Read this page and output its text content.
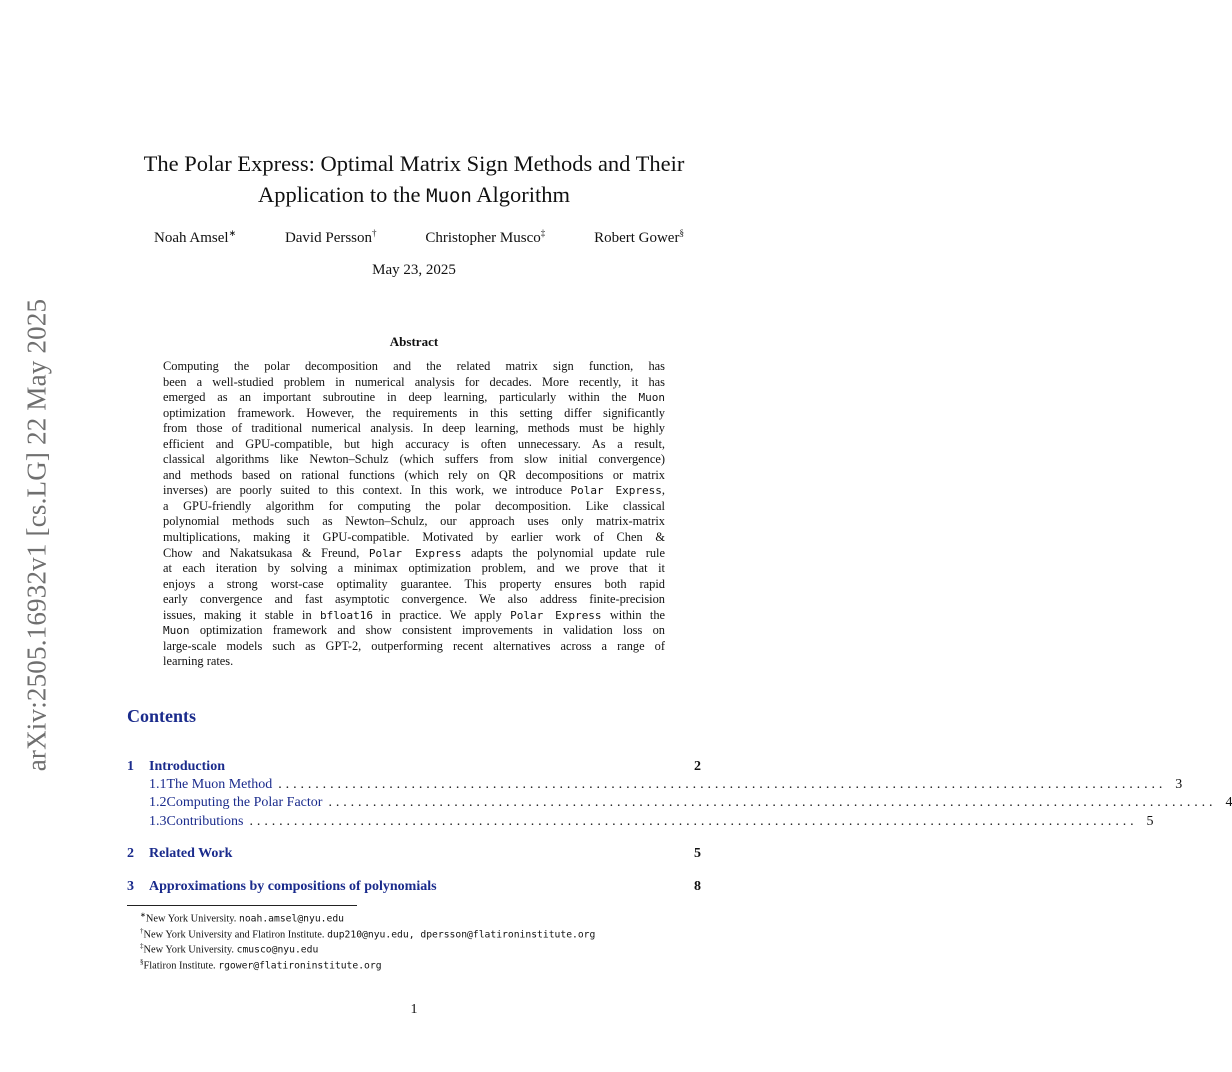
arXiv:2505.16932v1 [cs.LG] 22 May 2025
The Polar Express: Optimal Matrix Sign Methods and Their
Application to the Muon Algorithm
Noah Amsel∗	David Persson†	Christopher Musco‡	Robert Gower§
May 23, 2025
Abstract

Computing the polar decomposition and the related matrix sign function, has
been a well-studied problem in numerical analysis for decades. More recently, it has
emerged as an important subroutine in deep learning, particularly within the Muon
optimization framework. However, the requirements in this setting differ significantly
from those of traditional numerical analysis. In deep learning, methods must be highly
efficient and GPU-compatible, but high accuracy is often unnecessary. As a result,
classical algorithms like Newton–Schulz (which suffers from slow initial convergence)
and methods based on rational functions (which rely on QR decompositions or matrix
inverses) are poorly suited to this context. In this work, we introduce Polar Express,
a GPU-friendly algorithm for computing the polar decomposition. Like classical
polynomial methods such as Newton–Schulz, our approach uses only matrix-matrix
multiplications, making it GPU-compatible. Motivated by earlier work of Chen &
Chow and Nakatsukasa & Freund, Polar Express adapts the polynomial update rule
at each iteration by solving a minimax optimization problem, and we prove that it
enjoys a strong worst-case optimality guarantee. This property ensures both rapid
early convergence and fast asymptotic convergence. We also address finite-precision
issues, making it stable in bfloat16 in practice. We apply Polar Express within the
Muon optimization framework and show consistent improvements in validation loss on
large-scale models such as GPT-2, outperforming recent alternatives across a range of
learning rates.

Contents
1	Introduction	2
1.1 The Muon Method ........................................................................................................................ 3
1.2 Computing the Polar Factor ........................................................................................................................ 4
1.3 Contributions ........................................................................................................................ 5
2	Related Work	5
3	Approximations by compositions of polynomials	8
∗New York University. noah.amsel@nyu.edu
†New York University and Flatiron Institute. dup210@nyu.edu, dpersson@flatironinstitute.org
‡New York University. cmusco@nyu.edu
§Flatiron Institute. rgower@flatironinstitute.org
1
